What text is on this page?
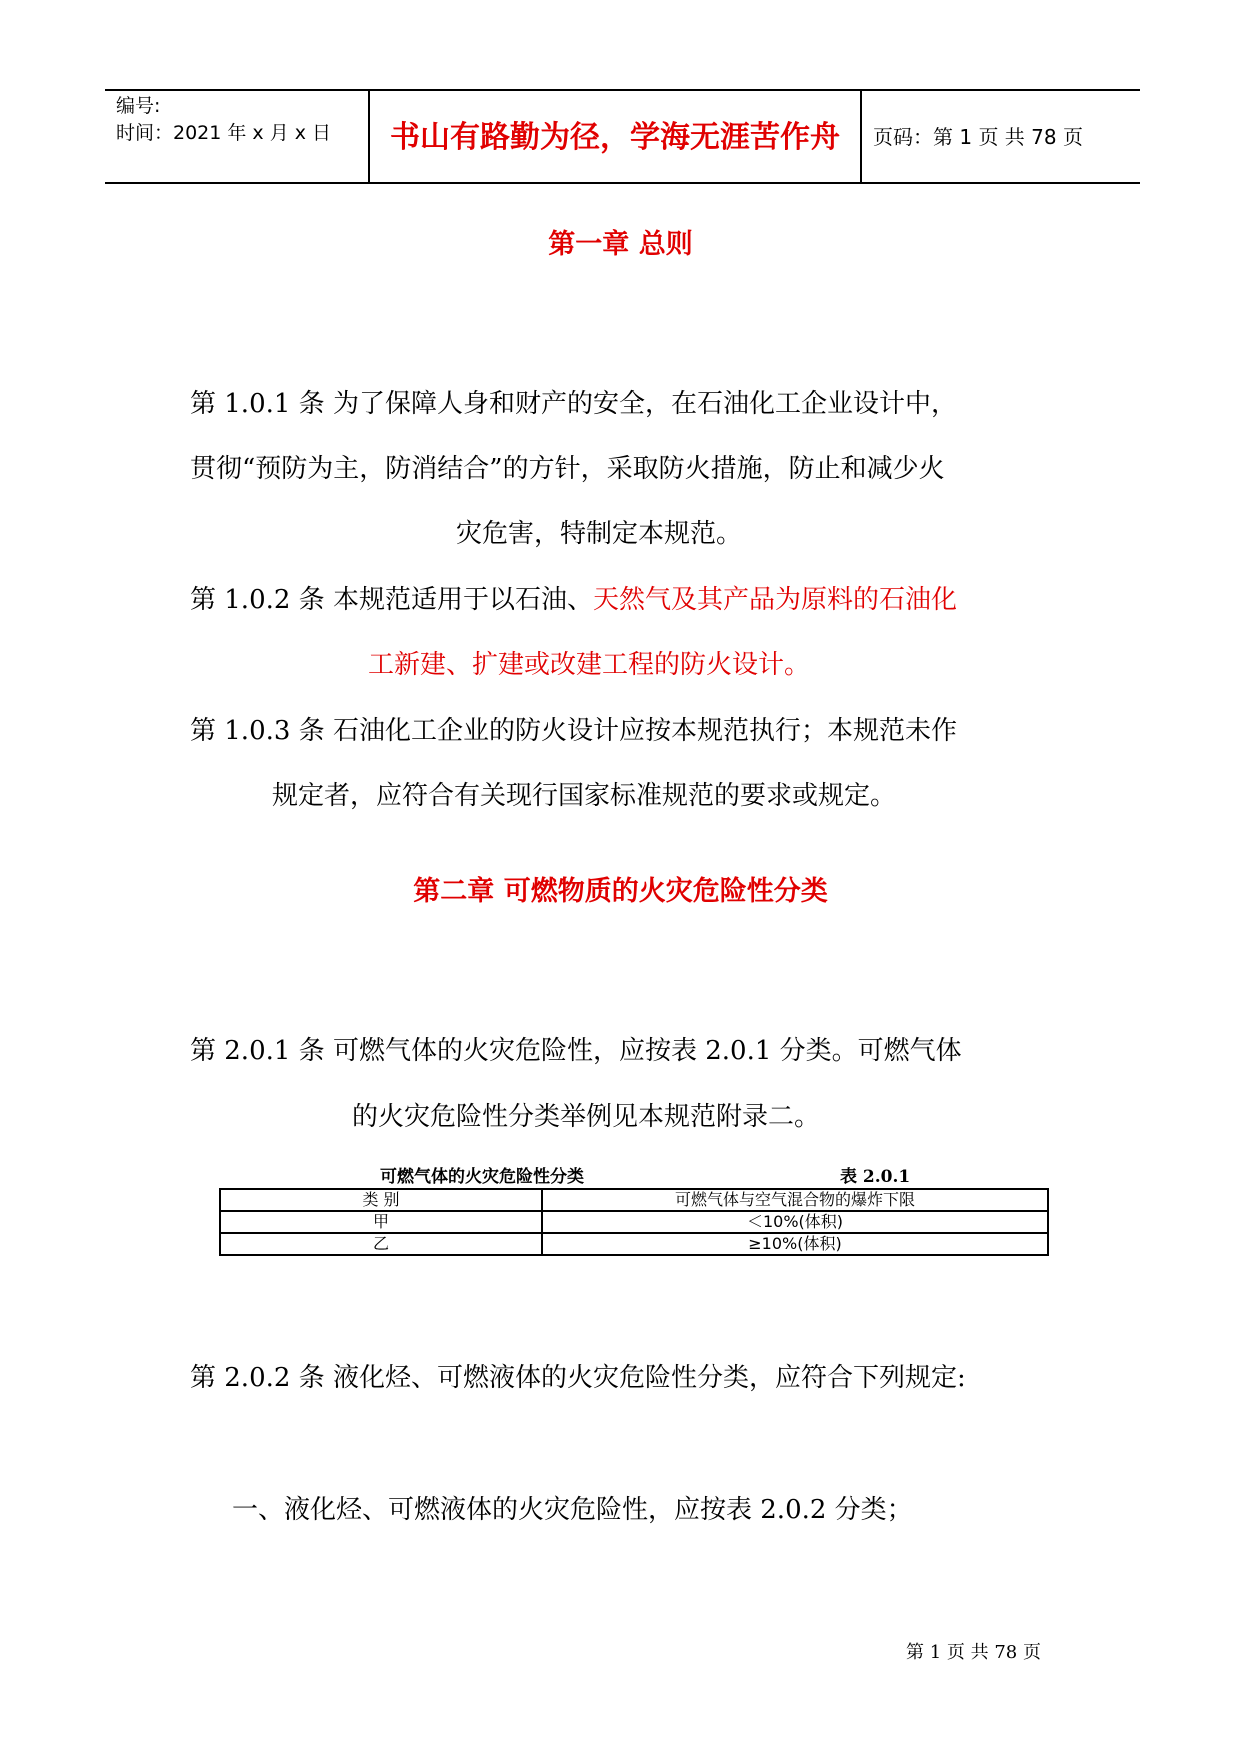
编号:
时间：2021 年 x 月 x 日	书山有路勤为径，学海无涯苦作舟	页码：第 1 页 共 78 页
第一章 总则
第 1.0.1 条 为了保障人身和财产的安全，在石油化工企业设计中，
贯彻“预防为主，防消结合”的方针，采取防火措施，防止和减少火
灾危害，特制定本规范。
第 1.0.2 条 本规范适用于以石油、天然气及其产品为原料的石油化
工新建、扩建或改建工程的防火设计。
第 1.0.3 条 石油化工企业的防火设计应按本规范执行；本规范未作
规定者，应符合有关现行国家标准规范的要求或规定。
第二章 可燃物质的火灾危险性分类
第 2.0.1 条 可燃气体的火灾危险性，应按表 2.0.1 分类。可燃气体
的火灾危险性分类举例见本规范附录二。
可燃气体的火灾危险性分类	表 2.0.1
类 别	可燃气体与空气混合物的爆炸下限
甲	＜10%(体积)
乙	≥10%(体积)
第 2.0.2 条 液化烃、可燃液体的火灾危险性分类，应符合下列规定:
一、液化烃、可燃液体的火灾危险性，应按表 2.0.2 分类；
第 1 页 共 78 页
